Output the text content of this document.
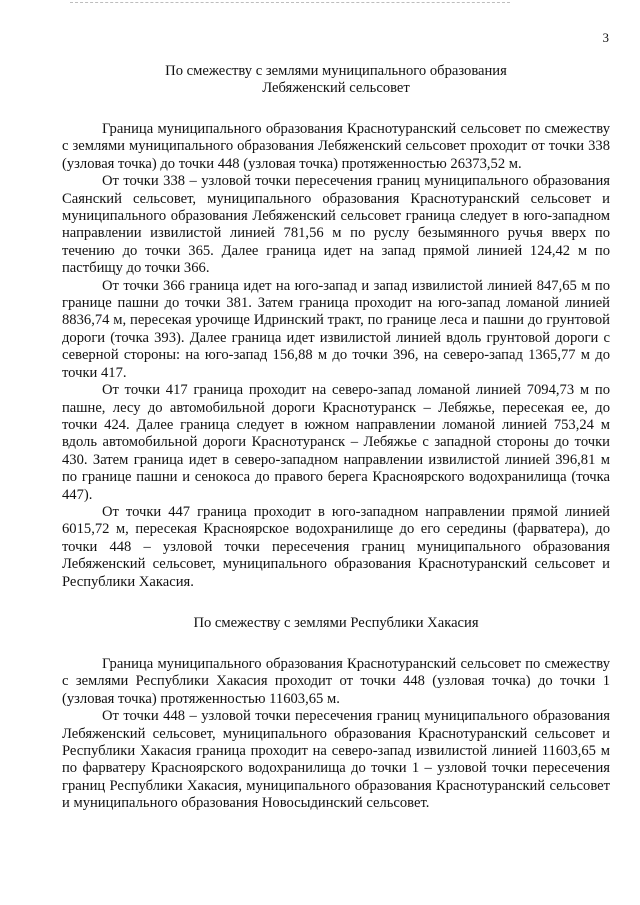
3

По смежеству с землями муниципального образования
Лебяженский сельсовет

Граница муниципального образования Краснотуранский сельсовет по смежеству с землями муниципального образования Лебяженский сельсовет проходит от точки 338 (узловая точка) до точки 448 (узловая точка) протяженностью 26373,52 м.

От точки 338 – узловой точки пересечения границ муниципального образования Саянский сельсовет, муниципального образования Краснотуранский сельсовет и муниципального образования Лебяженский сельсовет граница следует в юго-западном направлении извилистой линией 781,56 м по руслу безымянного ручья вверх по течению до точки 365. Далее граница идет на запад прямой линией 124,42 м по пастбищу до точки 366.

От точки 366 граница идет на юго-запад и запад извилистой линией 847,65 м по границе пашни до точки 381. Затем граница проходит на юго-запад ломаной линией 8836,74 м, пересекая урочище Идринский тракт, по границе леса и пашни до грунтовой дороги (точка 393). Далее граница идет извилистой линией вдоль грунтовой дороги с северной стороны: на юго-запад 156,88 м до точки 396, на северо-запад 1365,77 м до точки 417.

От точки 417 граница проходит на северо-запад ломаной линией 7094,73 м по пашне, лесу до автомобильной дороги Краснотуранск – Лебяжье, пересекая ее, до точки 424. Далее граница следует в южном направлении ломаной линией 753,24 м вдоль автомобильной дороги Краснотуранск – Лебяжье с западной стороны до точки 430. Затем граница идет в северо-западном направлении извилистой линией 396,81 м по границе пашни и сенокоса до правого берега Красноярского водохранилища (точка 447).

От точки 447 граница проходит в юго-западном направлении прямой линией 6015,72 м, пересекая Красноярское водохранилище до его середины (фарватера), до точки 448 – узловой точки пересечения границ муниципального образования Лебяженский сельсовет, муниципального образования Краснотуранский сельсовет и Республики Хакасия.

По смежеству с землями Республики Хакасия

Граница муниципального образования Краснотуранский сельсовет по смежеству с землями Республики Хакасия проходит от точки 448 (узловая точка) до точки 1 (узловая точка) протяженностью 11603,65 м.

От точки 448 – узловой точки пересечения границ муниципального образования Лебяженский сельсовет, муниципального образования Краснотуранский сельсовет и Республики Хакасия граница проходит на северо-запад извилистой линией 11603,65 м по фарватеру Красноярского водохранилища до точки 1 – узловой точки пересечения границ Республики Хакасия, муниципального образования Краснотуранский сельсовет и муниципального образования Новосыдинский сельсовет.
